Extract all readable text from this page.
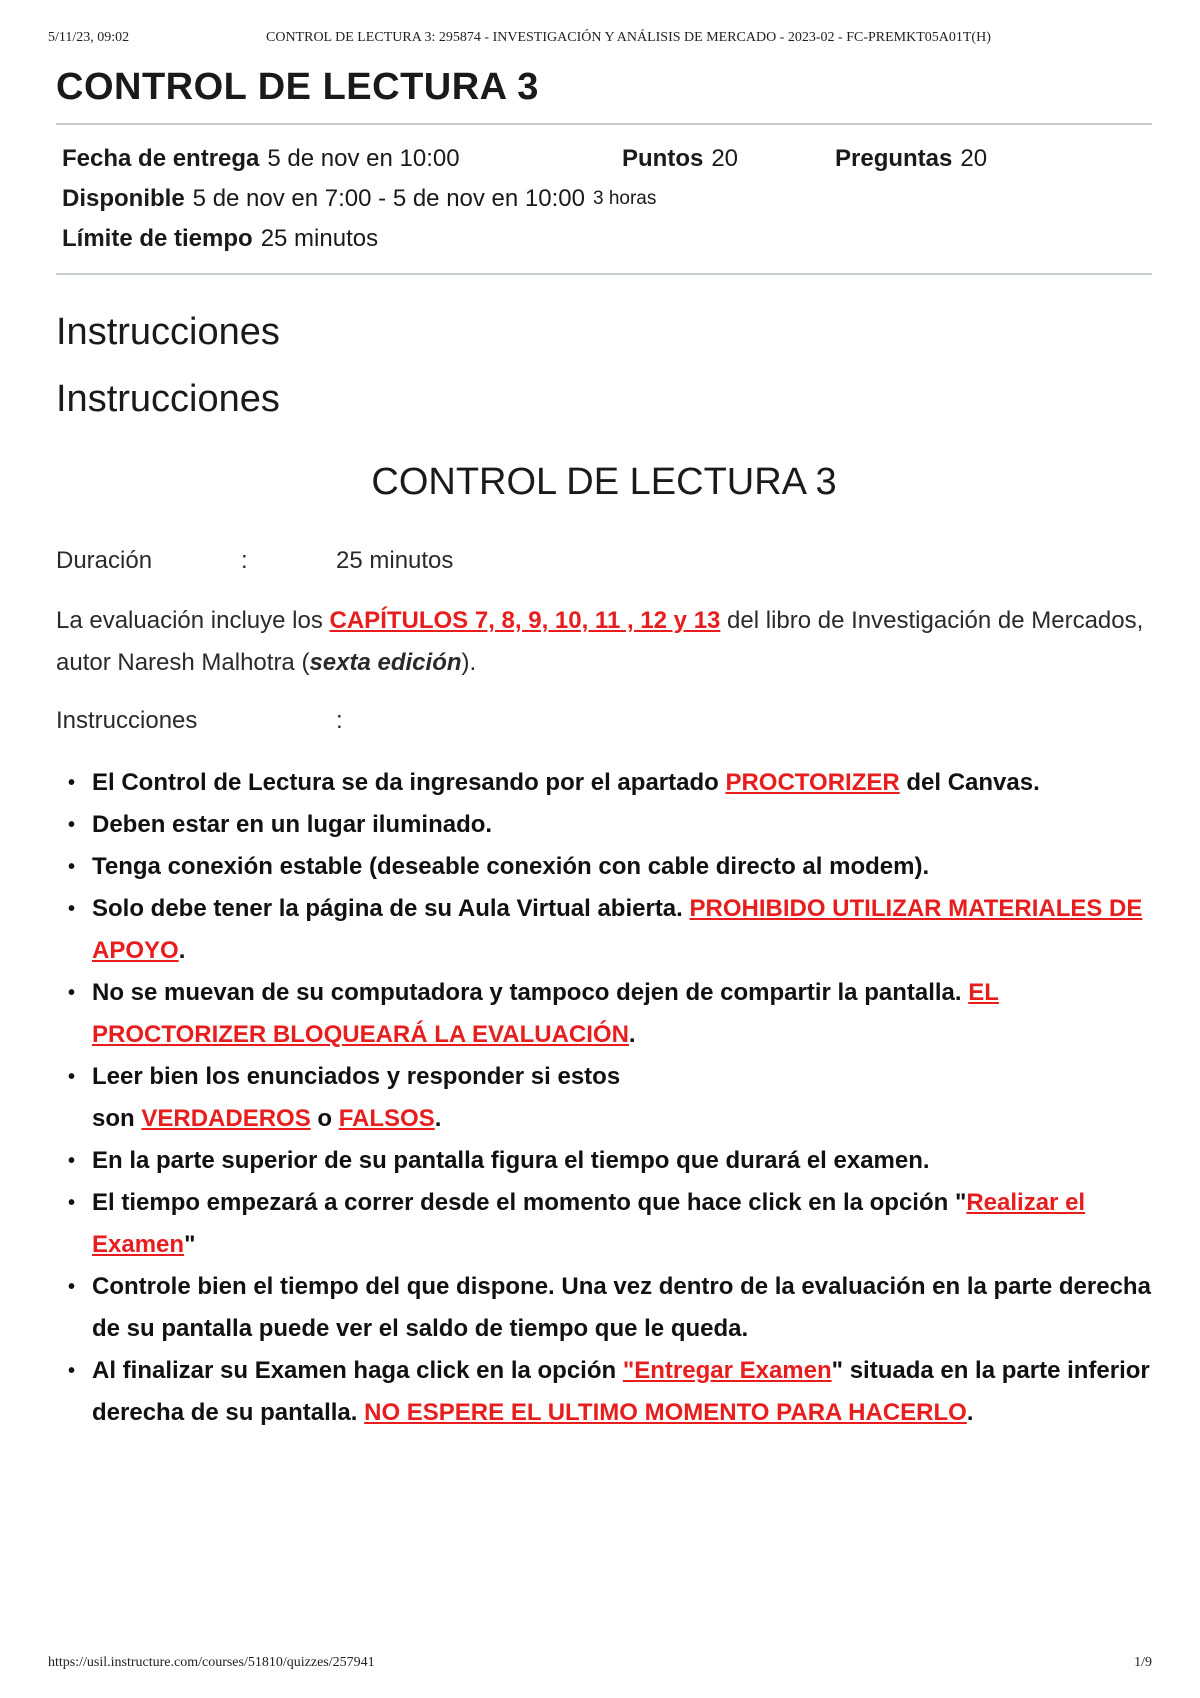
5/11/23, 09:02	CONTROL DE LECTURA 3: 295874 - INVESTIGACIÓN Y ANÁLISIS DE MERCADO - 2023-02 - FC-PREMKT05A01T(H)
CONTROL DE LECTURA 3
Fecha de entrega 5 de nov en 10:00	Puntos 20	Preguntas 20
Disponible 5 de nov en 7:00 - 5 de nov en 10:00 3 horas
Límite de tiempo 25 minutos
Instrucciones
Instrucciones
CONTROL DE LECTURA 3
Duración	:	25 minutos
La evaluación incluye los CAPÍTULOS 7, 8, 9, 10, 11 , 12 y 13 del libro de Investigación de Mercados, autor Naresh Malhotra (sexta edición).
Instrucciones	:
• El Control de Lectura se da ingresando por el apartado PROCTORIZER del Canvas.
• Deben estar en un lugar iluminado.
• Tenga conexión estable (deseable conexión con cable directo al modem).
• Solo debe tener la página de su Aula Virtual abierta. PROHIBIDO UTILIZAR MATERIALES DE APOYO.
• No se muevan de su computadora y tampoco dejen de compartir la pantalla. EL PROCTORIZER BLOQUEARÁ LA EVALUACIÓN.
• Leer bien los enunciados y responder si estos
son VERDADEROS o FALSOS.
• En la parte superior de su pantalla figura el tiempo que durará el examen.
• El tiempo empezará a correr desde el momento que hace click en la opción "Realizar el Examen"
• Controle bien el tiempo del que dispone. Una vez dentro de la evaluación en la parte derecha de su pantalla puede ver el saldo de tiempo que le queda.
• Al finalizar su Examen haga click en la opción "Entregar Examen" situada en la parte inferior derecha de su pantalla. NO ESPERE EL ULTIMO MOMENTO PARA HACERLO.
https://usil.instructure.com/courses/51810/quizzes/257941	1/9
